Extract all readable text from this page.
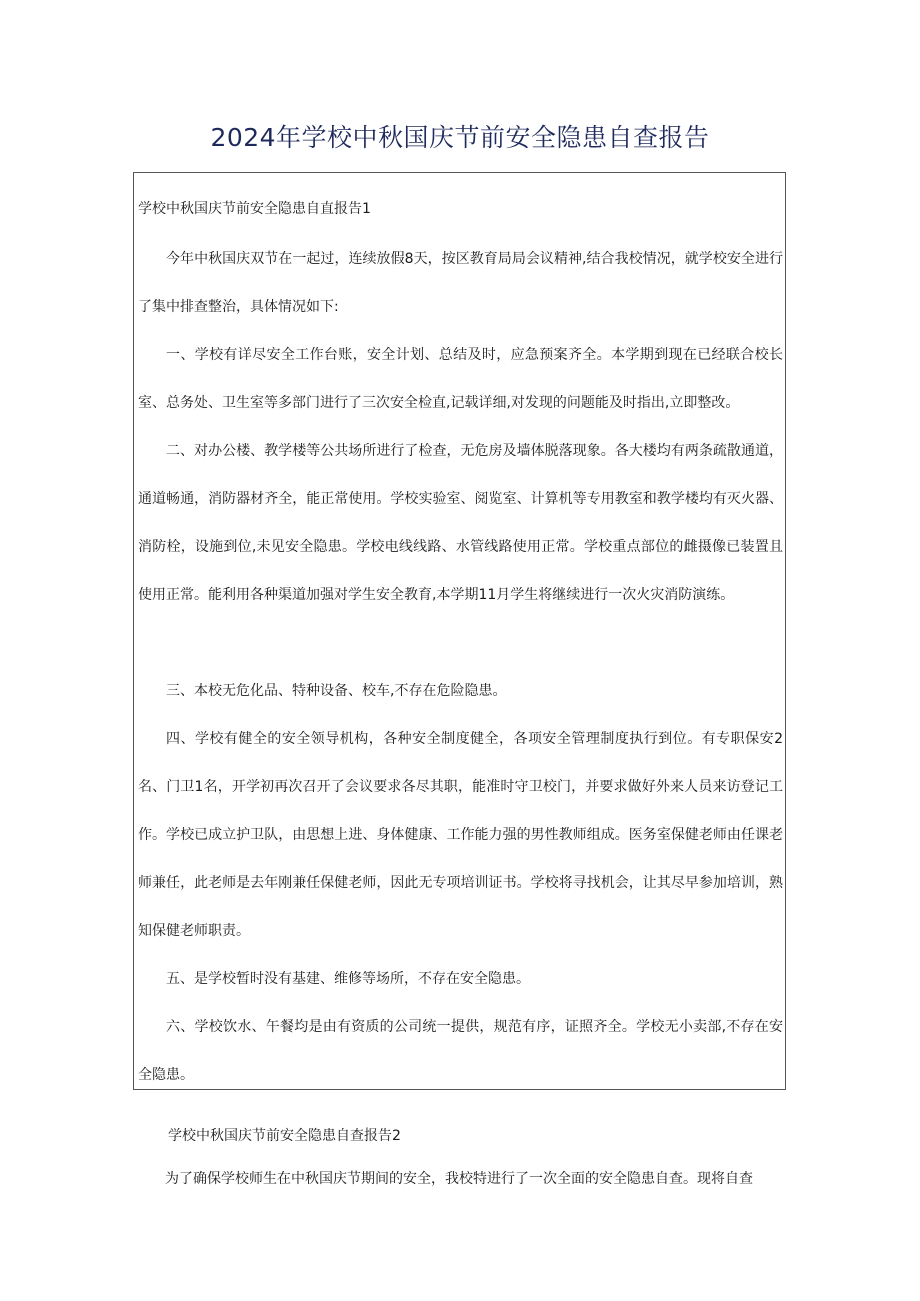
2024年学校中秋国庆节前安全隐患自查报告
学校中秋国庆节前安全隐患自直报告1

今年中秋国庆双节在一起过，连续放假8天，按区教育局局会议精神,结合我校情况，就学校安全进行了集中排查整治，具体情况如下:

一、学校有详尽安全工作台账，安全计划、总结及时，应急预案齐全。本学期到现在已经联合校长室、总务处、卫生室等多部门进行了三次安全检直,记载详细,对发现的问题能及时指出,立即整改。

二、对办公楼、教学楼等公共场所进行了检查，无危房及墙体脱落现象。各大楼均有两条疏散通道，通道畅通，消防器材齐全，能正常使用。学校实验室、阅览室、计算机等专用教室和教学楼均有灭火器、消防栓，设施到位,未见安全隐患。学校电线线路、水管线路使用正常。学校重点部位的雌摄像已装置且使用正常。能利用各种渠道加强对学生安全教育,本学期11月学生将继续进行一次火灾消防演练。

三、本校无危化品、特种设备、校车,不存在危险隐患。

四、学校有健全的安全领导机构，各种安全制度健全，各项安全管理制度执行到位。有专职保安2名、门卫1名，开学初再次召开了会议要求各尽其职，能准时守卫校门，并要求做好外来人员来访登记工作。学校已成立护卫队，由思想上进、身体健康、工作能力强的男性教师组成。医务室保健老师由任课老师兼任，此老师是去年刚兼任保健老师，因此无专项培训证书。学校将寻找机会，让其尽早参加培训，熟知保健老师职责。

五、是学校暂时没有基建、维修等场所，不存在安全隐患。

六、学校饮水、午餐均是由有资质的公司统一提供，规范有序，证照齐全。学校无小卖部,不存在安全隐患。

学校中秋国庆节前安全隐患自查报告2

为了确保学校师生在中秋国庆节期间的安全，我校特进行了一次全面的安全隐患自查。现将自查
